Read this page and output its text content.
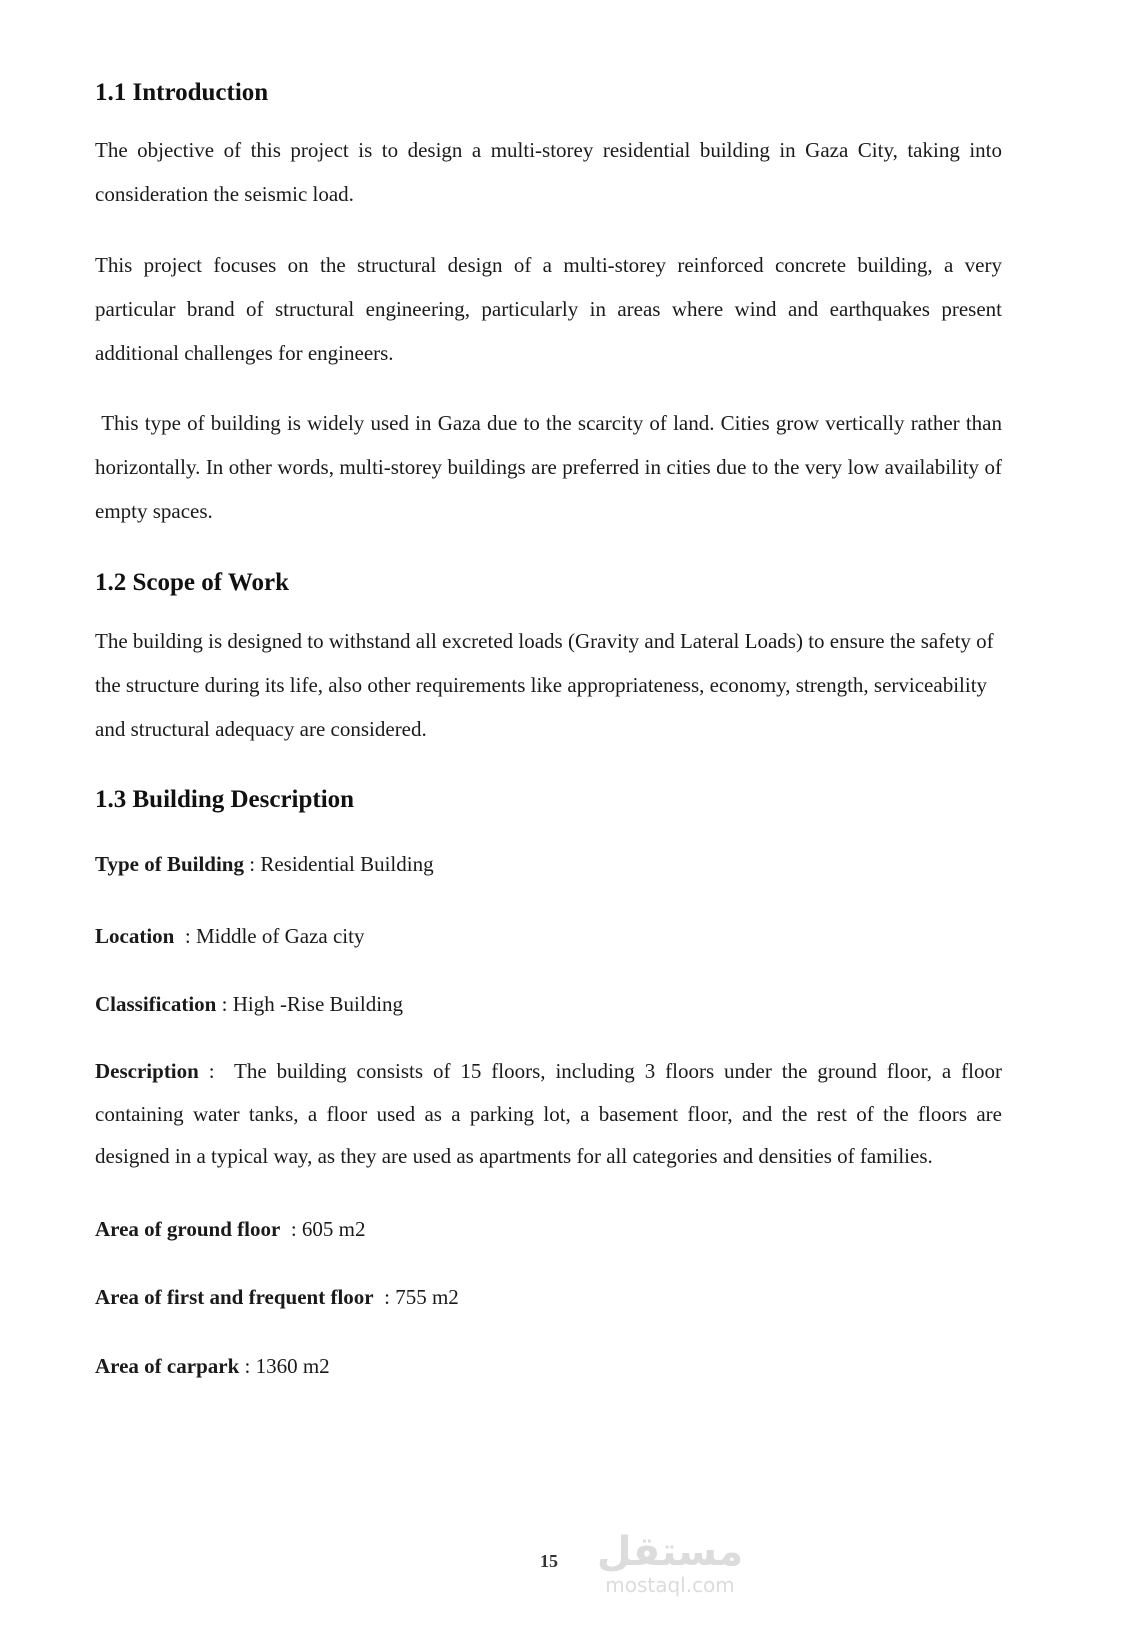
1.1 Introduction

The objective of this project is to design a multi-storey residential building in Gaza City, taking into consideration the seismic load.

This project focuses on the structural design of a multi-storey reinforced concrete building, a very particular brand of structural engineering, particularly in areas where wind and earthquakes present additional challenges for engineers.

This type of building is widely used in Gaza due to the scarcity of land. Cities grow vertically rather than horizontally. In other words, multi-storey buildings are preferred in cities due to the very low availability of empty spaces.

1.2 Scope of Work

The building is designed to withstand all excreted loads (Gravity and Lateral Loads) to ensure the safety of the structure during its life, also other requirements like appropriateness, economy, strength, serviceability and structural adequacy are considered.

1.3 Building Description
Type of Building : Residential Building
Location  : Middle of Gaza city
Classification : High -Rise Building

Description :  The building consists of 15 floors, including 3 floors under the ground floor, a floor containing water tanks, a floor used as a parking lot, a basement floor, and the rest of the floors are designed in a typical way, as they are used as apartments for all categories and densities of families.

Area of ground floor  : 605 m2
Area of first and frequent floor  : 755 m2
Area of carpark : 1360 m2
مستقل
mostaql.com
15
